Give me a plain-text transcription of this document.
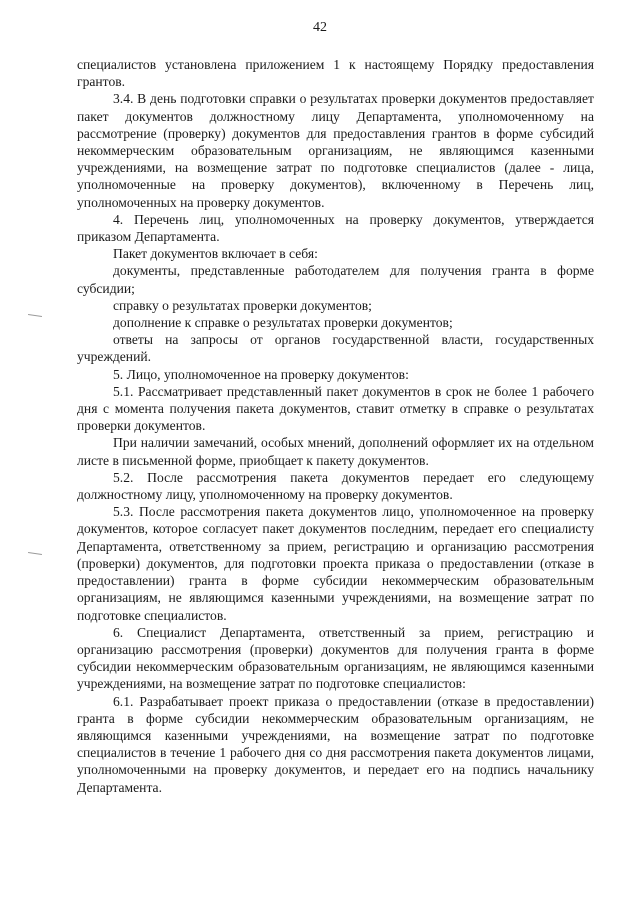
42

специалистов установлена приложением 1 к настоящему Порядку предоставления грантов.

3.4. В день подготовки справки о результатах проверки документов предоставляет пакет документов должностному лицу Департамента, уполномоченному на рассмотрение (проверку) документов для предоставления грантов в форме субсидий некоммерческим образовательным организациям, не являющимся казенными учреждениями, на возмещение затрат по подготовке специалистов (далее - лица, уполномоченные на проверку документов), включенному в Перечень лиц, уполномоченных на проверку документов.

4. Перечень лиц, уполномоченных на проверку документов, утверждается приказом Департамента.

Пакет документов включает в себя:

документы, представленные работодателем для получения гранта в форме субсидии;

справку о результатах проверки документов;

дополнение к справке о результатах проверки документов;

ответы на запросы от органов государственной власти, государственных учреждений.

5. Лицо, уполномоченное на проверку документов:

5.1. Рассматривает представленный пакет документов в срок не более 1 рабочего дня с момента получения пакета документов, ставит отметку в справке о результатах проверки документов.

При наличии замечаний, особых мнений, дополнений оформляет их на отдельном листе в письменной форме, приобщает к пакету документов.

5.2. После рассмотрения пакета документов передает его следующему должностному лицу, уполномоченному на проверку документов.

5.3. После рассмотрения пакета документов лицо, уполномоченное на проверку документов, которое согласует пакет документов последним, передает его специалисту Департамента, ответственному за прием, регистрацию и организацию рассмотрения (проверки) документов, для подготовки проекта приказа о предоставлении (отказе в предоставлении) гранта в форме субсидии некоммерческим образовательным организациям, не являющимся казенными учреждениями, на возмещение затрат по подготовке специалистов.

6. Специалист Департамента, ответственный за прием, регистрацию и организацию рассмотрения (проверки) документов для получения гранта в форме субсидии некоммерческим образовательным организациям, не являющимся казенными учреждениями, на возмещение затрат по подготовке специалистов:

6.1. Разрабатывает проект приказа о предоставлении (отказе в предоставлении) гранта в форме субсидии некоммерческим образовательным организациям, не являющимся казенными учреждениями, на возмещение затрат по подготовке специалистов в течение 1 рабочего дня со дня рассмотрения пакета документов лицами, уполномоченными на проверку документов, и передает его на подпись начальнику Департамента.
